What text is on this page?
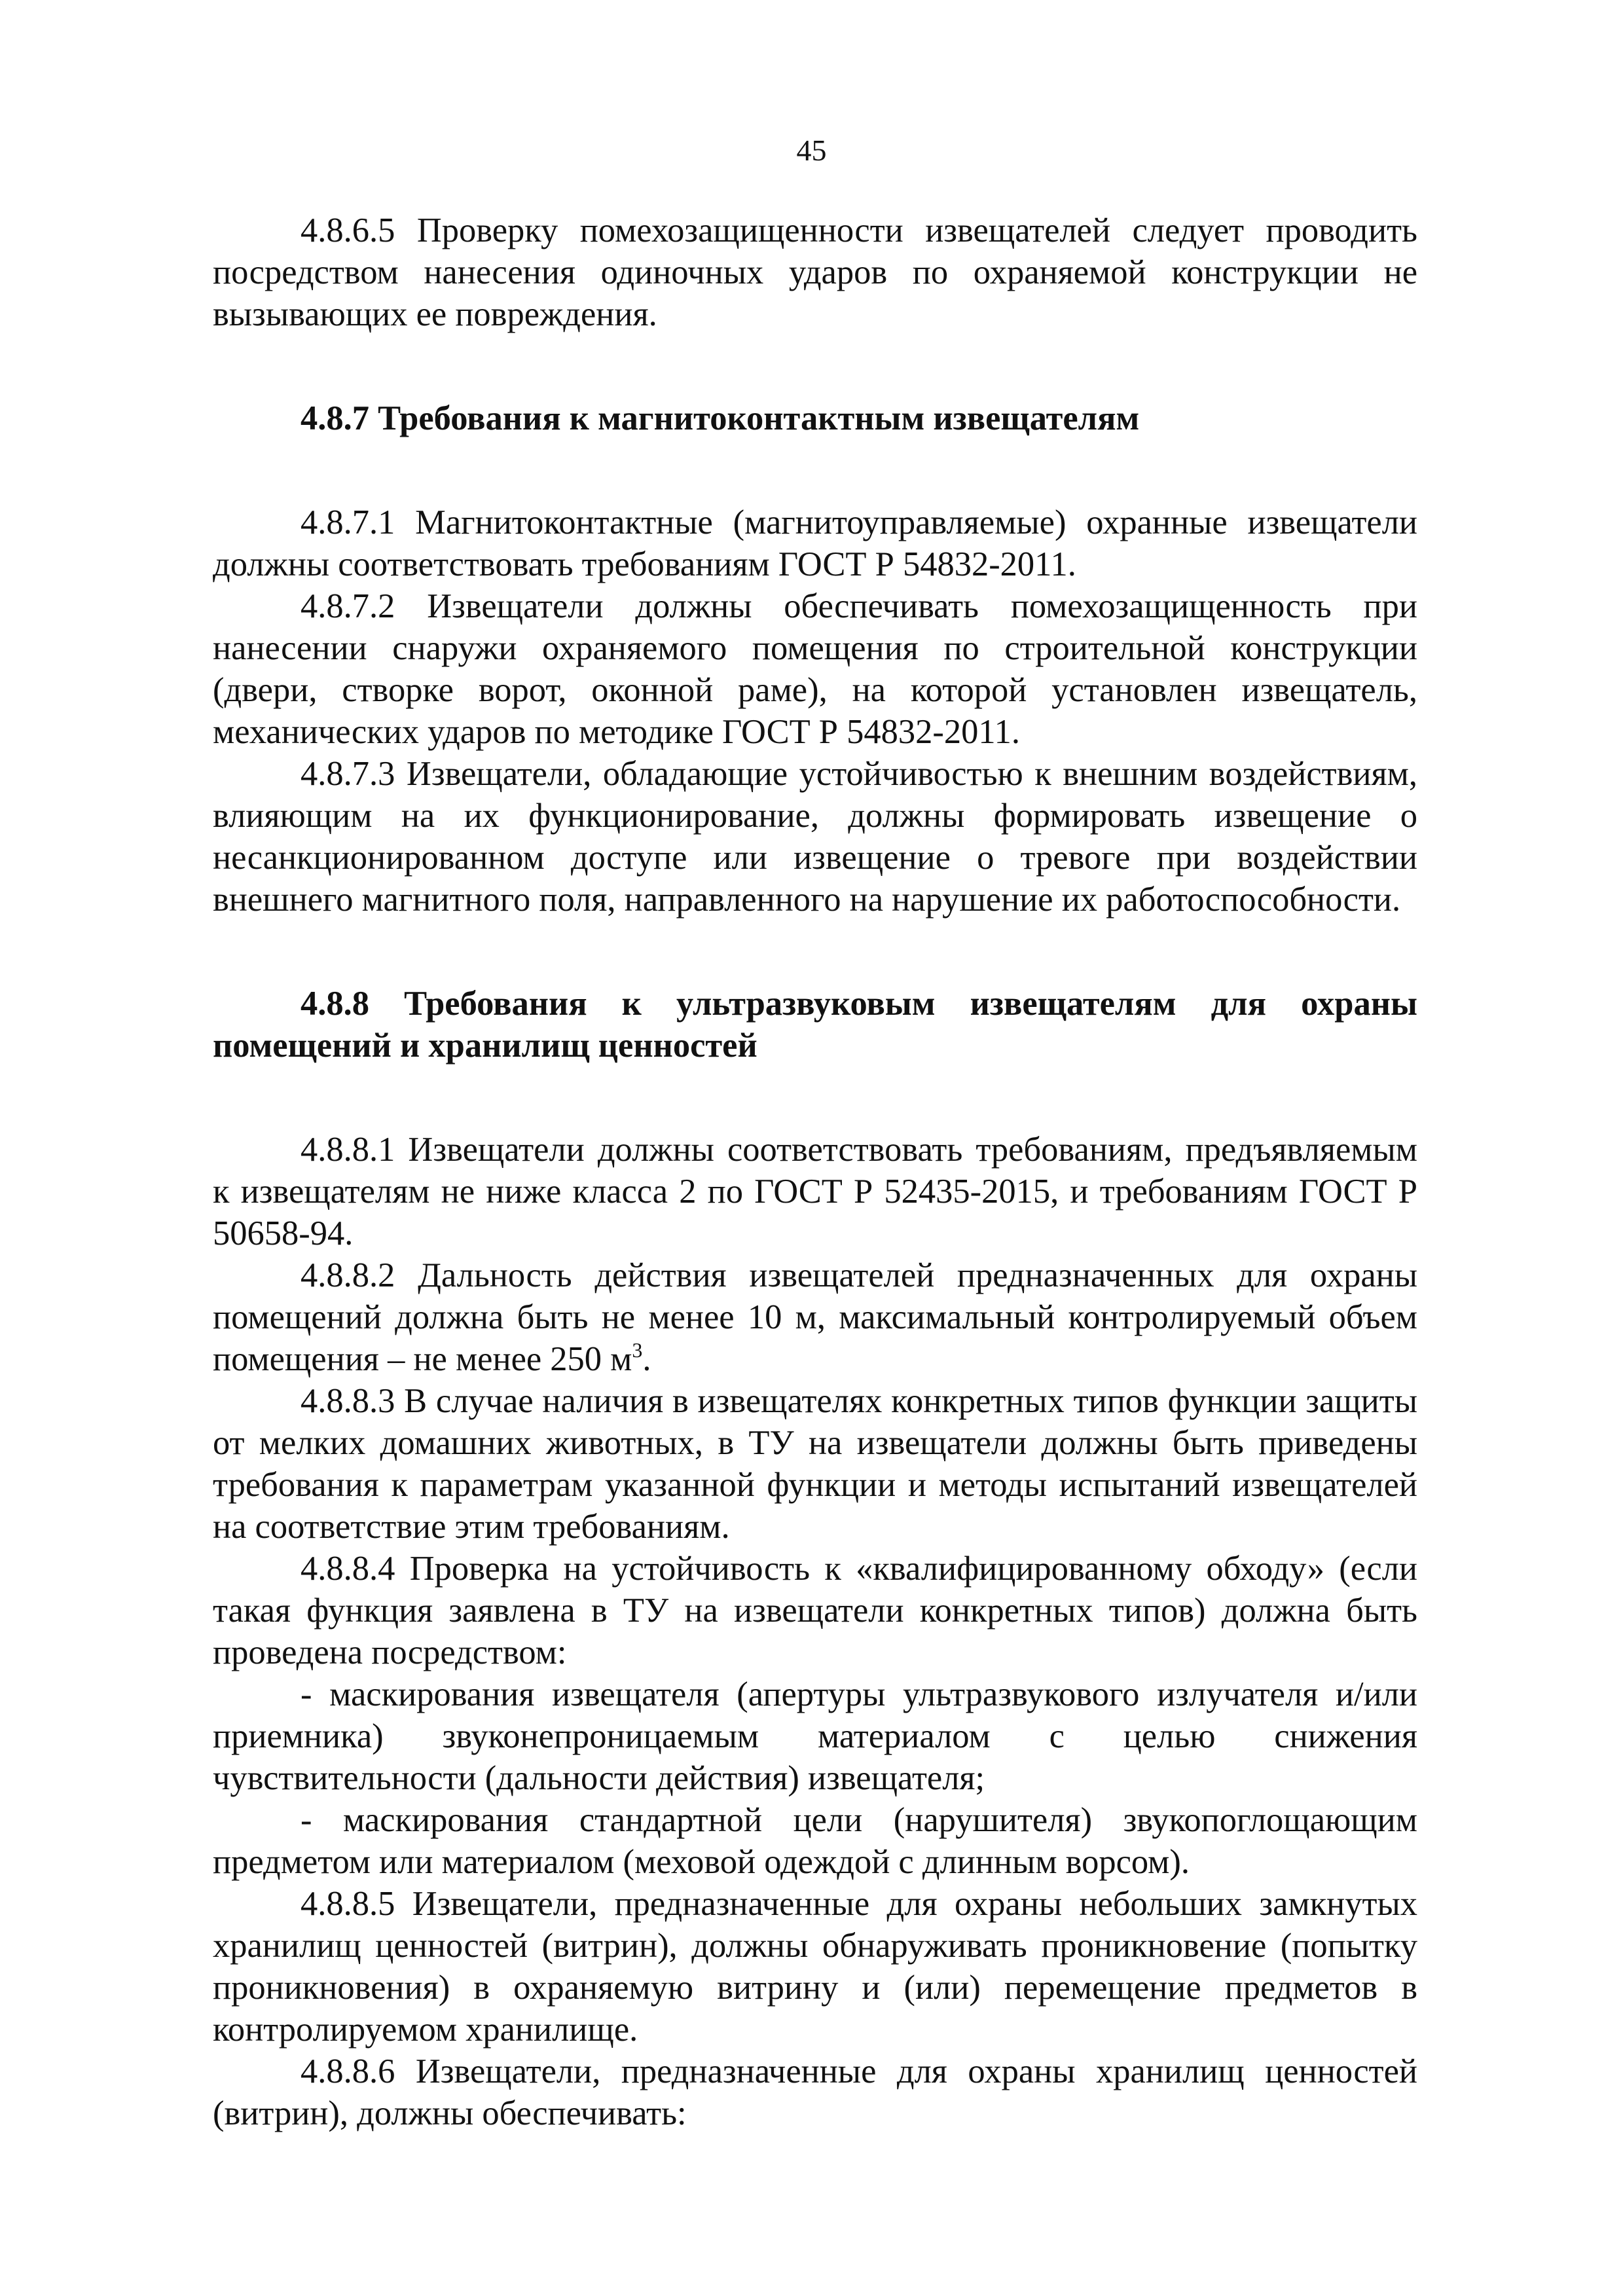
45

4.8.6.5 Проверку помехозащищенности извещателей следует проводить посредством нанесения одиночных ударов по охраняемой конструкции не вызывающих ее повреждения.

4.8.7 Требования к магнитоконтактным извещателям

4.8.7.1 Магнитоконтактные (магнитоуправляемые) охранные извещатели должны соответствовать требованиям ГОСТ Р 54832-2011.

4.8.7.2 Извещатели должны обеспечивать помехозащищенность при нанесении снаружи охраняемого помещения по строительной конструкции (двери, створке ворот, оконной раме), на которой установлен извещатель, механических ударов по методике ГОСТ Р 54832-2011.

4.8.7.3 Извещатели, обладающие устойчивостью к внешним воздействиям, влияющим на их функционирование, должны формировать извещение о несанкционированном доступе или извещение о тревоге при воздействии внешнего магнитного поля, направленного на нарушение их работоспособности.

4.8.8 Требования к ультразвуковым извещателям для охраны помещений и хранилищ ценностей

4.8.8.1 Извещатели должны соответствовать требованиям, предъявляемым к извещателям не ниже класса 2 по ГОСТ Р 52435-2015, и требованиям ГОСТ Р 50658-94.

4.8.8.2 Дальность действия извещателей предназначенных для охраны помещений должна быть не менее 10 м, максимальный контролируемый объем помещения – не менее 250 $м^3$.

4.8.8.3 В случае наличия в извещателях конкретных типов функции защиты от мелких домашних животных, в ТУ на извещатели должны быть приведены требования к параметрам указанной функции и методы испытаний извещателей на соответствие этим требованиям.

4.8.8.4 Проверка на устойчивость к «квалифицированному обходу» (если такая функция заявлена в ТУ на извещатели конкретных типов) должна быть проведена посредством:

- маскирования извещателя (апертуры ультразвукового излучателя и/или приемника) звуконепроницаемым материалом с целью снижения чувствительности (дальности действия) извещателя;

- маскирования стандартной цели (нарушителя) звукопоглощающим предметом или материалом (меховой одеждой с длинным ворсом).

4.8.8.5 Извещатели, предназначенные для охраны небольших замкнутых хранилищ ценностей (витрин), должны обнаруживать проникновение (попытку проникновения) в охраняемую витрину и (или) перемещение предметов в контролируемом хранилище.

4.8.8.6 Извещатели, предназначенные для охраны хранилищ ценностей (витрин), должны обеспечивать:
